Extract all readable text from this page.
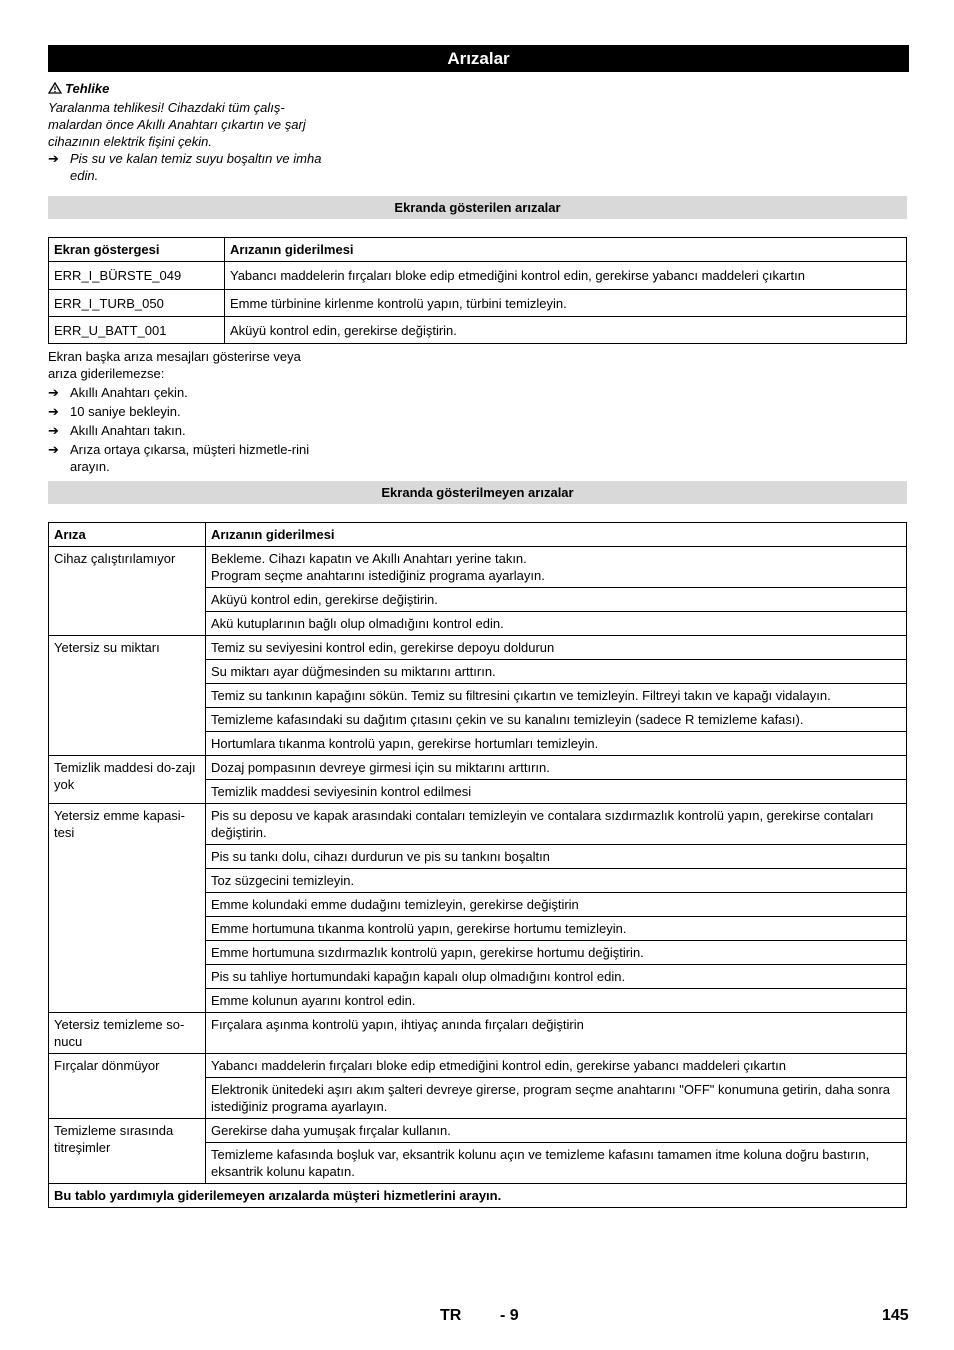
Arızalar
Tehlike
Yaralanma tehlikesi! Cihazdaki tüm çalış-malardan önce Akıllı Anahtarı çıkartın ve şarj cihazının elektrik fişini çekin.
➔ Pis su ve kalan temiz suyu boşaltın ve imha edin.
Ekranda gösterilen arızalar
Ekran göstergesi	Arızanın giderilmesi
ERR_I_BÜRSTE_049	Yabancı maddelerin fırçaları bloke edip etmediğini kontrol edin, gerekirse yabancı maddeleri çıkartın
ERR_I_TURB_050	Emme türbinine kirlenme kontrolü yapın, türbini temizleyin.
ERR_U_BATT_001	Aküyü kontrol edin, gerekirse değiştirin.
Ekran başka arıza mesajları gösterirse veya arıza giderilemezse:
➔ Akıllı Anahtarı çekin.
➔ 10 saniye bekleyin.
➔ Akıllı Anahtarı takın.
➔ Arıza ortaya çıkarsa, müşteri hizmetle-rini arayın.
Ekranda gösterilmeyen arızalar
Arıza	Arızanın giderilmesi
Cihaz çalıştırılamıyor	Bekleme. Cihazı kapatın ve Akıllı Anahtarı yerine takın.
Program seçme anahtarını istediğiniz programa ayarlayın.
	Aküyü kontrol edin, gerekirse değiştirin.
	Akü kutuplarının bağlı olup olmadığını kontrol edin.
Yetersiz su miktarı	Temiz su seviyesini kontrol edin, gerekirse depoyu doldurun
	Su miktarı ayar düğmesinden su miktarını arttırın.
	Temiz su tankının kapağını sökün. Temiz su filtresini çıkartın ve temizleyin. Filtreyi takın ve kapağı vidalayın.
	Temizleme kafasındaki su dağıtım çıtasını çekin ve su kanalını temizleyin (sadece R temizleme kafası).
	Hortumlara tıkanma kontrolü yapın, gerekirse hortumları temizleyin.
Temizlik maddesi do-zajı yok	Dozaj pompasının devreye girmesi için su miktarını arttırın.
	Temizlik maddesi seviyesinin kontrol edilmesi
Yetersiz emme kapasi-tesi	Pis su deposu ve kapak arasındaki contaları temizleyin ve contalara sızdırmazlık kontrolü yapın, gerekirse contaları değiştirin.
	Pis su tankı dolu, cihazı durdurun ve pis su tankını boşaltın
	Toz süzgecini temizleyin.
	Emme kolundaki emme dudağını temizleyin, gerekirse değiştirin
	Emme hortumuna tıkanma kontrolü yapın, gerekirse hortumu temizleyin.
	Emme hortumuna sızdırmazlık kontrolü yapın, gerekirse hortumu değiştirin.
	Pis su tahliye hortumundaki kapağın kapalı olup olmadığını kontrol edin.
	Emme kolunun ayarını kontrol edin.
Yetersiz temizleme so-nucu	Fırçalara aşınma kontrolü yapın, ihtiyaç anında fırçaları değiştirin
Fırçalar dönmüyor	Yabancı maddelerin fırçaları bloke edip etmediğini kontrol edin, gerekirse yabancı maddeleri çıkartın
	Elektronik ünitedeki aşırı akım şalteri devreye girerse, program seçme anahtarını "OFF" konumuna getirin, daha sonra istediğiniz programa ayarlayın.
Temizleme sırasında titreşimler	Gerekirse daha yumuşak fırçalar kullanın.
	Temizleme kafasında boşluk var, eksantrik kolunu açın ve temizleme kafasını tamamen itme koluna doğru bastırın, eksantrik kolunu kapatın.
Bu tablo yardımıyla giderilemeyen arızalarda müşteri hizmetlerini arayın.	
TR - 9	145
